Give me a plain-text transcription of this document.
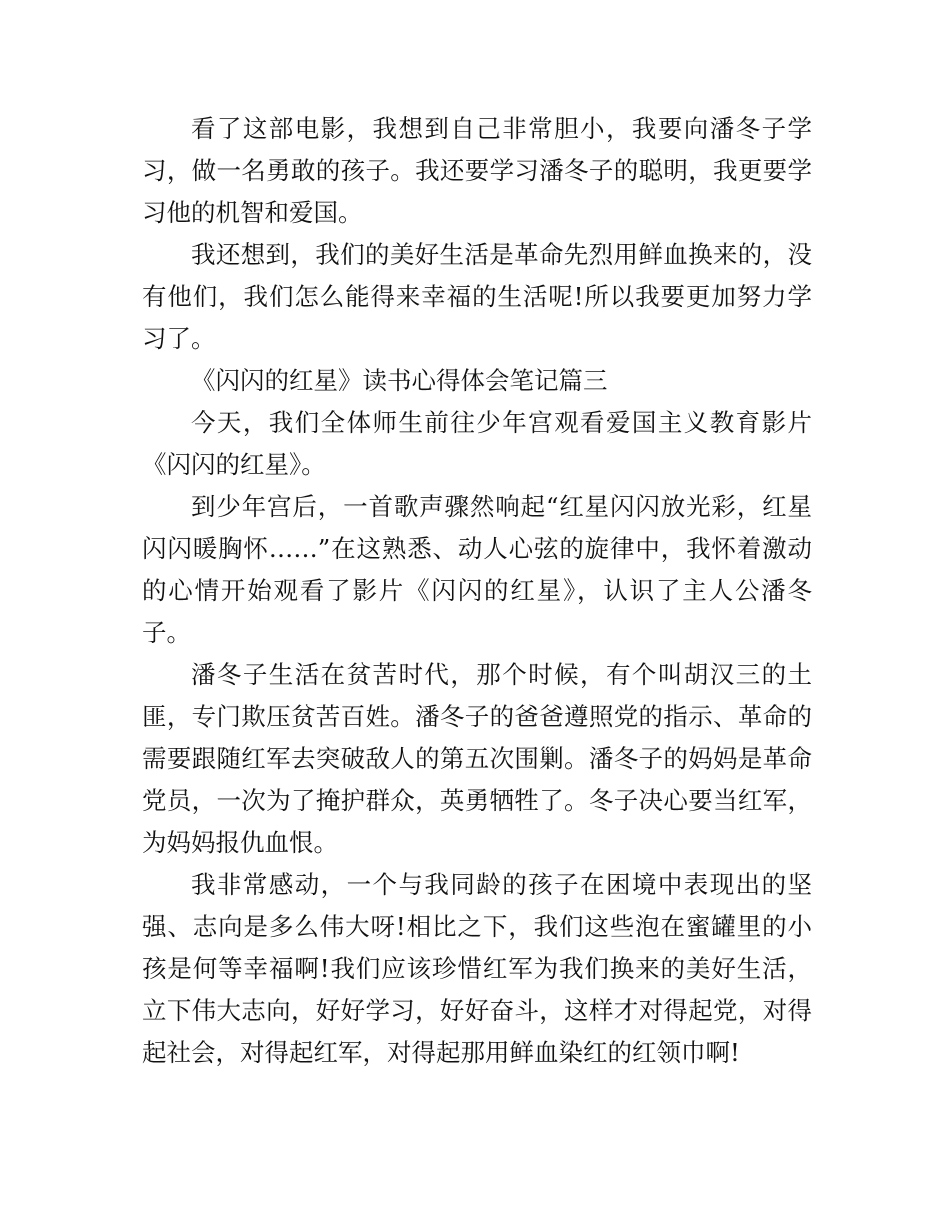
看了这部电影，我想到自己非常胆小，我要向潘冬子学习，做一名勇敢的孩子。我还要学习潘冬子的聪明，我更要学习他的机智和爱国。

我还想到，我们的美好生活是革命先烈用鲜血换来的，没有他们，我们怎么能得来幸福的生活呢!所以我要更加努力学习了。

《闪闪的红星》读书心得体会笔记篇三

今天，我们全体师生前往少年宫观看爱国主义教育影片《闪闪的红星》。

到少年宫后，一首歌声骤然响起“红星闪闪放光彩，红星闪闪暖胸怀……”在这熟悉、动人心弦的旋律中，我怀着激动的心情开始观看了影片《闪闪的红星》，认识了主人公潘冬子。

潘冬子生活在贫苦时代，那个时候，有个叫胡汉三的土匪，专门欺压贫苦百姓。潘冬子的爸爸遵照党的指示、革命的需要跟随红军去突破敌人的第五次围剿。潘冬子的妈妈是革命党员，一次为了掩护群众，英勇牺牲了。冬子决心要当红军，为妈妈报仇血恨。

我非常感动，一个与我同龄的孩子在困境中表现出的坚强、志向是多么伟大呀!相比之下，我们这些泡在蜜罐里的小孩是何等幸福啊!我们应该珍惜红军为我们换来的美好生活，立下伟大志向，好好学习，好好奋斗，这样才对得起党，对得起社会，对得起红军，对得起那用鲜血染红的红领巾啊!
